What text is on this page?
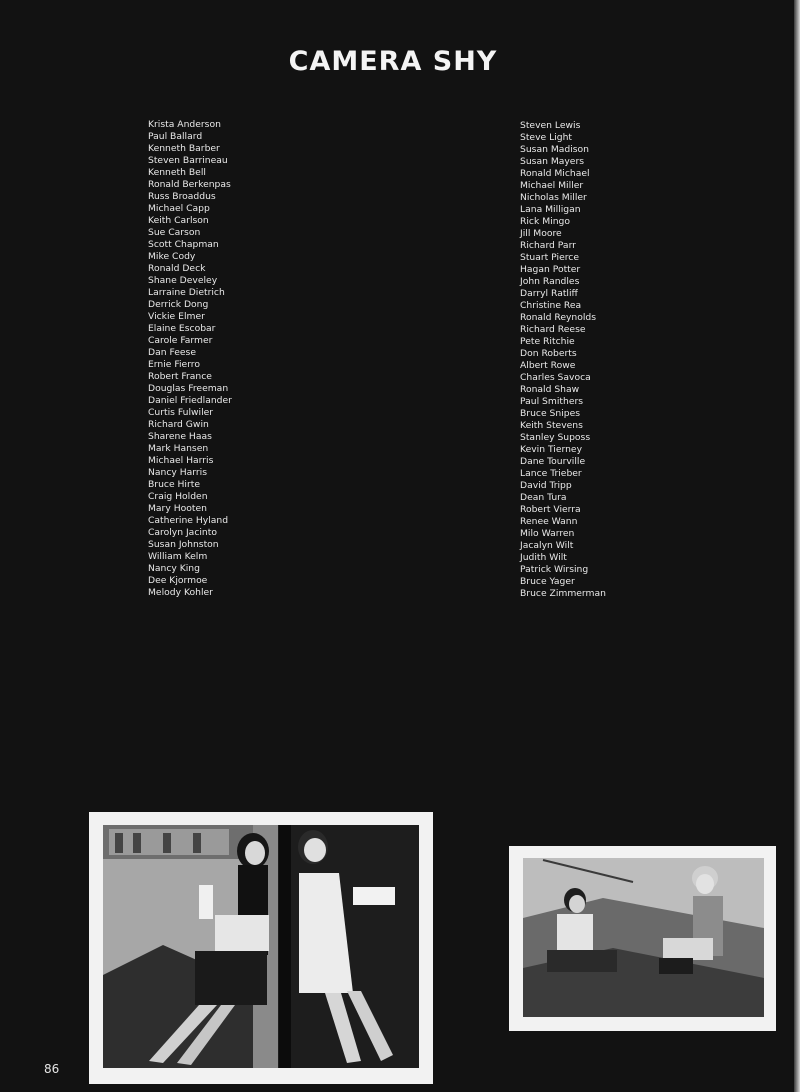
CAMERA SHY
Krista Anderson
Paul Ballard
Kenneth Barber
Steven Barrineau
Kenneth Bell
Ronald Berkenpas
Russ Broaddus
Michael Capp
Keith Carlson
Sue Carson
Scott Chapman
Mike Cody
Ronald Deck
Shane Develey
Larraine Dietrich
Derrick Dong
Vickie Elmer
Elaine Escobar
Carole Farmer
Dan Feese
Ernie Fierro
Robert France
Douglas Freeman
Daniel Friedlander
Curtis Fulwiler
Richard Gwin
Sharene Haas
Mark Hansen
Michael Harris
Nancy Harris
Bruce Hirte
Craig Holden
Mary Hooten
Catherine Hyland
Carolyn Jacinto
Susan Johnston
William Kelm
Nancy King
Dee Kjormoe
Melody Kohler
Steven Lewis
Steve Light
Susan Madison
Susan Mayers
Ronald Michael
Michael Miller
Nicholas Miller
Lana Milligan
Rick Mingo
Jill Moore
Richard Parr
Stuart Pierce
Hagan Potter
John Randles
Darryl Ratliff
Christine Rea
Ronald Reynolds
Richard Reese
Pete Ritchie
Don Roberts
Albert Rowe
Charles Savoca
Ronald Shaw
Paul Smithers
Bruce Snipes
Keith Stevens
Stanley Suposs
Kevin Tierney
Dane Tourville
Lance Trieber
David Tripp
Dean Tura
Robert Vierra
Renee Wann
Milo Warren
Jacalyn Wilt
Judith Wilt
Patrick Wirsing
Bruce Yager
Bruce Zimmerman
86
